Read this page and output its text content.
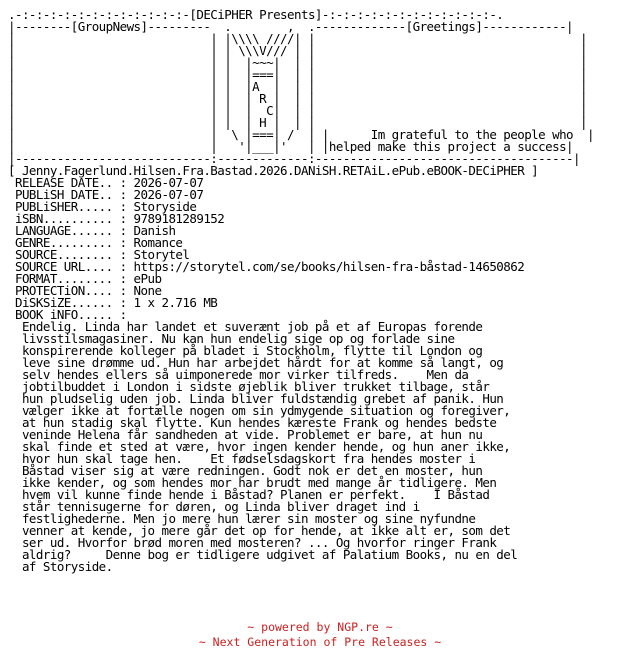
.-:-:-:-:-:-:-:-:-:-:-:-:-[DECiPHER Presents]-:-:-:-:-:-:-:-:-:-:-:-:-.
|--------[GroupNews]---------  .        ,  .-------------[Greetings]------------|
|                            | |\\\\ ////| |                                      |
|                            | | \\\V/// | |                                      |
|                            | |  |~~~|  | |                                      |
|                            | |  |===|  | |                                      |
|                            | |  |A  |  | |                                      |
|                            | |  | R |  | |                                      |
|                            | |  |  C|  | |                                      |
|                            | |  | H |  | |                                      |
|                            |  \ |===| /  | |      Im grateful to the people who  |
|                            |   '|___|'   | |helped make this project a success|
|----------------------------:-------------:-------------------------------------|
[ Jenny.Fagerlund.Hilsen.Fra.Bastad.2026.DANiSH.RETAiL.ePub.eBOOK-DECiPHER ]
RELEASE DATE.. : 2026-07-07
PUBLiSH DATE.. : 2026-07-07
PUBLiSHER..... : Storyside
iSBN.......... : 9789181289152
LANGUAGE...... : Danish
GENRE......... : Romance
SOURCE........ : Storytel
SOURCE URL.... : https://storytel.com/se/books/hilsen-fra-båstad-14650862
FORMAT........ : ePub
PROTECTiON.... : None
DiSKSiZE...... : 1 x 2.716 MB
BOOK iNFO..... :
Endelig. Linda har landet et suverænt job på et af Europas forende
livsstilsmagasiner. Nu kan hun endelig sige op og forlade sine
konspirerende kolleger på bladet i Stockholm, flytte til London og
leve sine drømme ud. Hun har arbejdet hårdt for at komme så langt, og
selv hendes ellers så uimponerede mor virker tilfreds.    Men da
jobtilbuddet i London i sidste øjeblik bliver trukket tilbage, står
hun pludselig uden job. Linda bliver fuldstændig grebet af panik. Hun
vælger ikke at fortælle nogen om sin ydmygende situation og foregiver,
at hun stadig skal flytte. Kun hendes kæreste Frank og hendes bedste
veninde Helena får sandheden at vide. Problemet er bare, at hun nu
skal finde et sted at være, hvor ingen kender hende, og hun aner ikke,
hvor hun skal tage hen.    Et fødselsdagskort fra hendes moster i
Båstad viser sig at være redningen. Godt nok er det en moster, hun
ikke kender, og som hendes mor har brudt med mange år tidligere. Men
hvem vil kunne finde hende i Båstad? Planen er perfekt.    I Båstad
står tennisugerne for døren, og Linda bliver draget ind i
festlighederne. Men jo mere hun lærer sin moster og sine nyfundne
venner at kende, jo mere går det op for hende, at ikke alt er, som det
ser ud. Hvorfor brød moren med mosteren? ... Og hvorfor ringer Frank
aldrig?     Denne bog er tidligere udgivet af Palatium Books, nu en del
af Storyside.
~ powered by NGP.re ~
~ Next Generation of Pre Releases ~
